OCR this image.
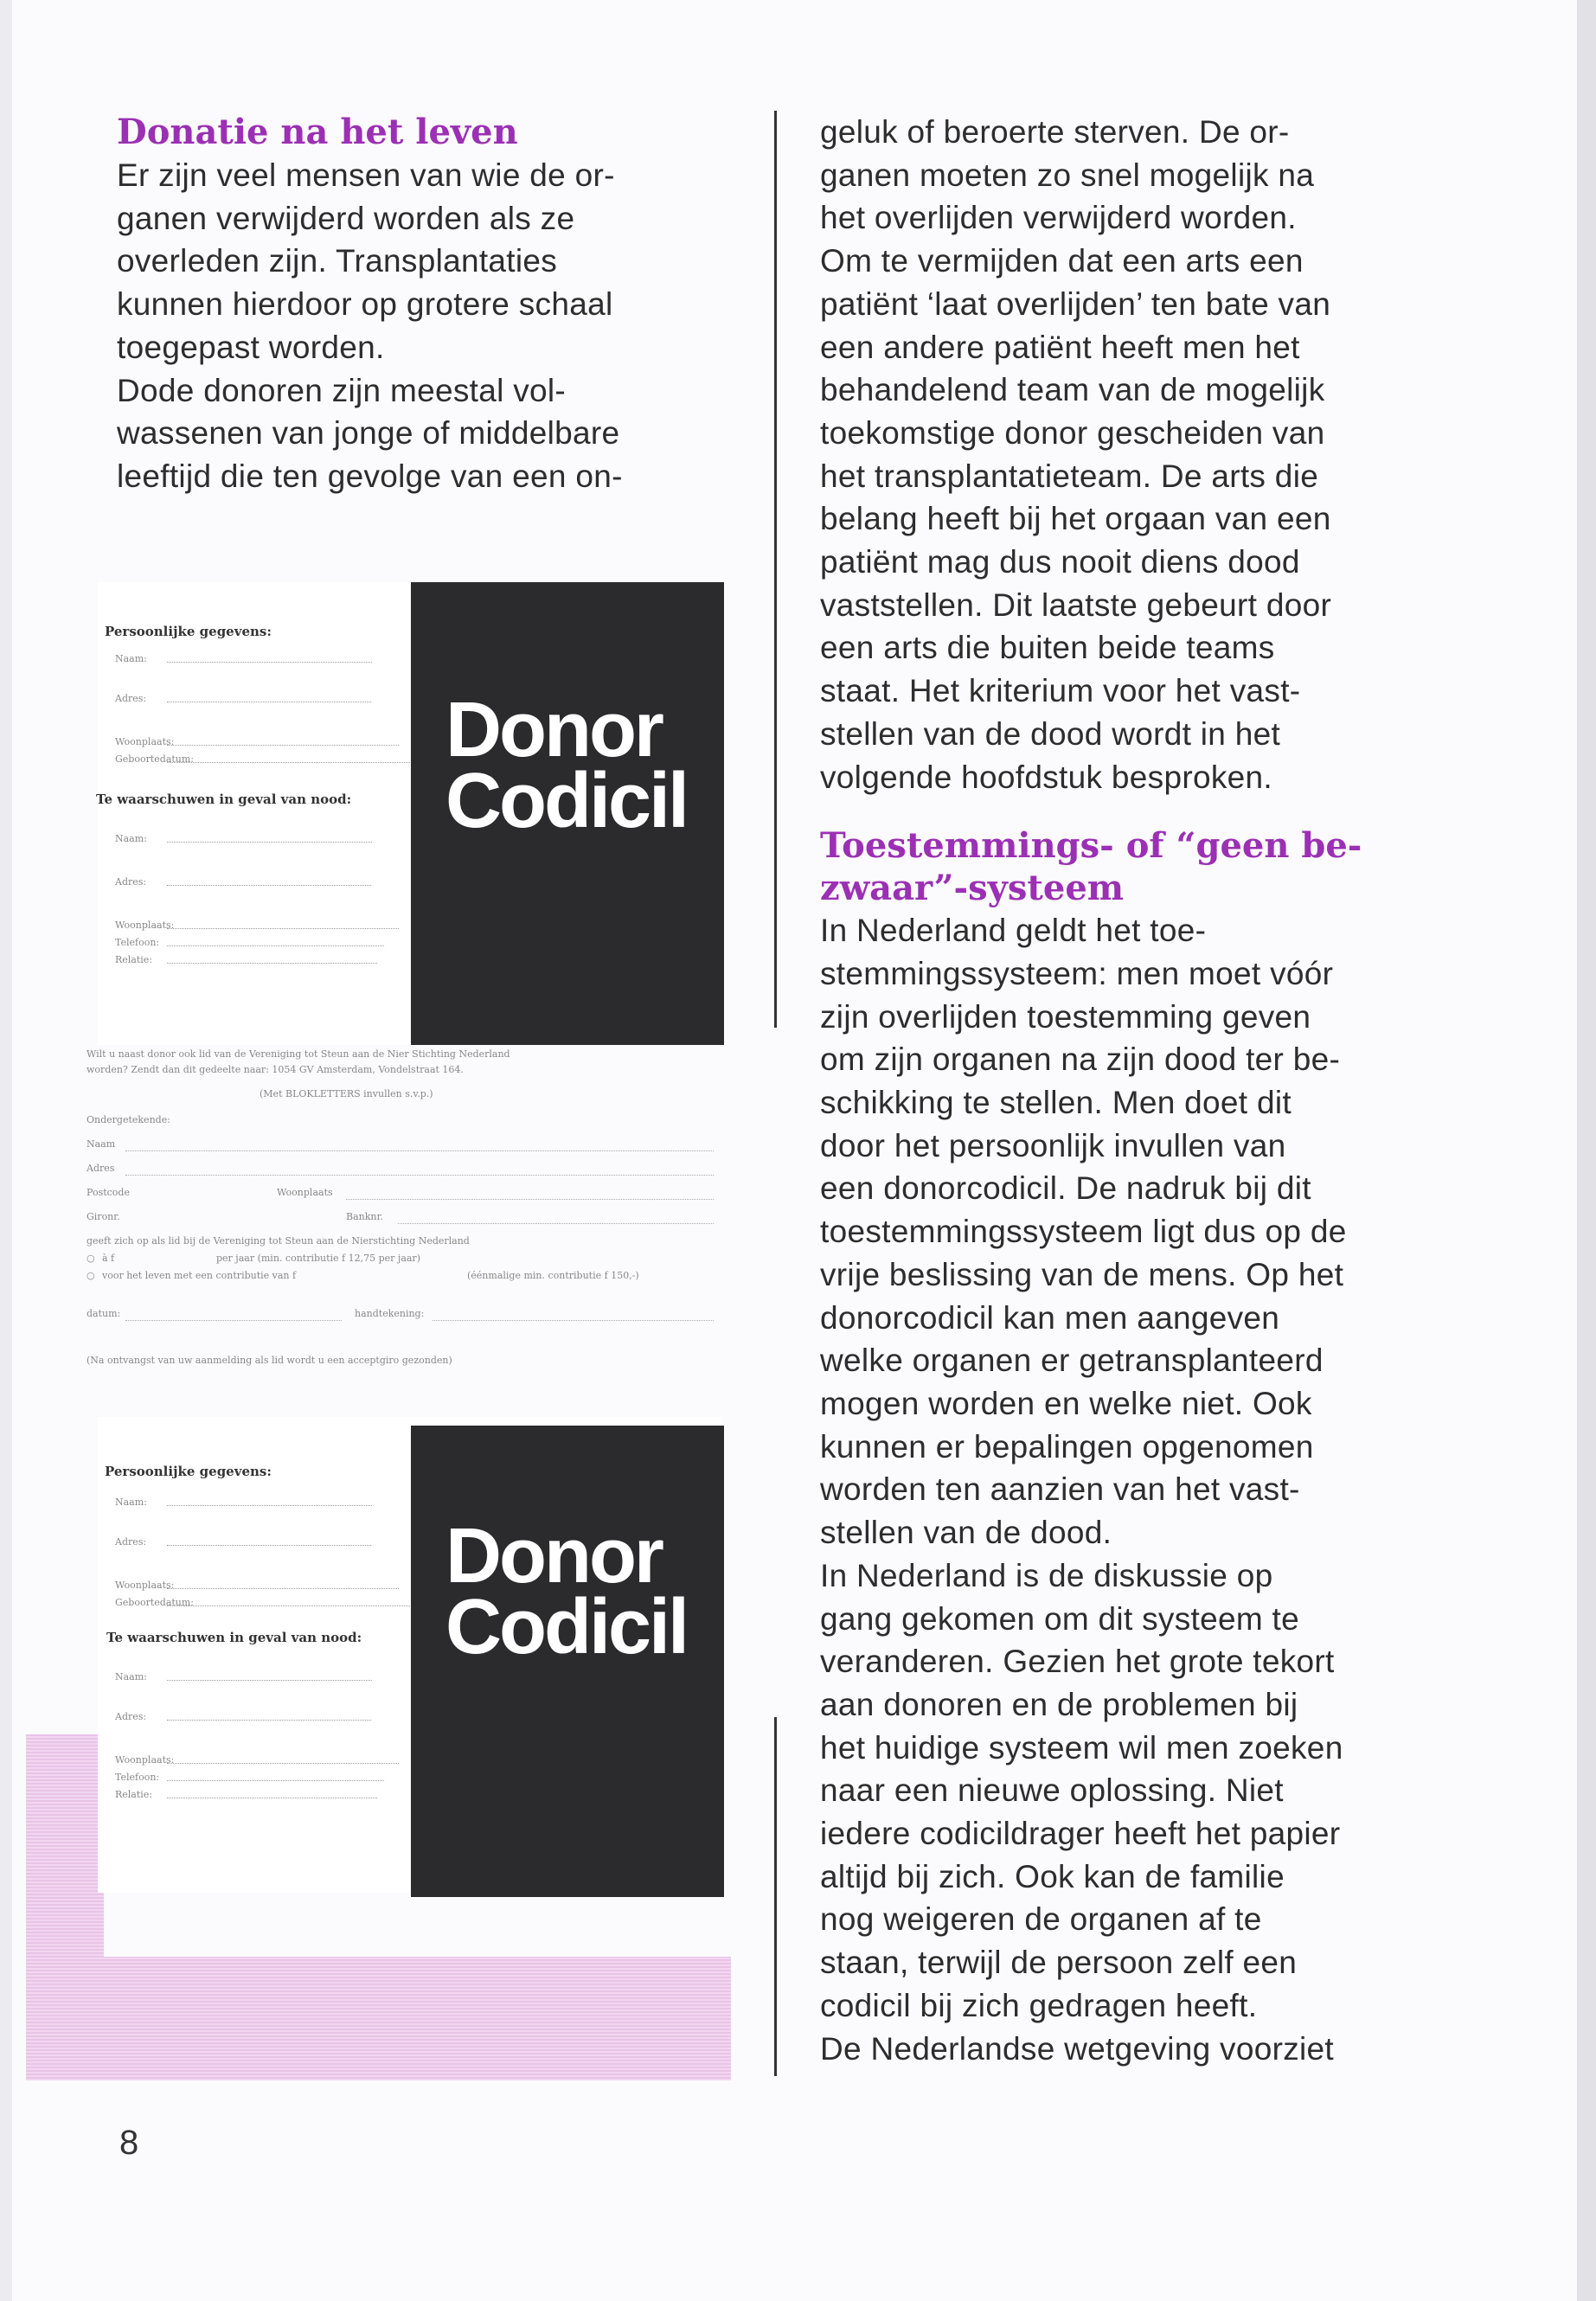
Donatie na het leven

Er zijn veel mensen van wie de or-

ganen verwijderd worden als ze

overleden zijn. Transplantaties

kunnen hierdoor op grotere schaal

toegepast worden.

Dode donoren zijn meestal vol-

wassenen van jonge of middelbare

leeftijd die ten gevolge van een on-

geluk of beroerte sterven. De or-

ganen moeten zo snel mogelijk na

het overlijden verwijderd worden.

Om te vermijden dat een arts een

patiënt ‘laat overlijden’ ten bate van

een andere patiënt heeft men het

behandelend team van de mogelijk

toekomstige donor gescheiden van

het transplantatieteam. De arts die

belang heeft bij het orgaan van een

patiënt mag dus nooit diens dood

vaststellen. Dit laatste gebeurt door

een arts die buiten beide teams

staat. Het kriterium voor het vast-

stellen van de dood wordt in het

volgende hoofdstuk besproken.

Toestemmings- of “geen be-
zwaar”-systeem

In Nederland geldt het toe-

stemmingssysteem: men moet vóór

zijn overlijden toestemming geven

om zijn organen na zijn dood ter be-

schikking te stellen. Men doet dit

door het persoonlijk invullen van

een donorcodicil. De nadruk bij dit

toestemmingssysteem ligt dus op de

vrije beslissing van de mens. Op het

donorcodicil kan men aangeven

welke organen er getransplanteerd

mogen worden en welke niet. Ook

kunnen er bepalingen opgenomen

worden ten aanzien van het vast-

stellen van de dood.

In Nederland is de diskussie op

gang gekomen om dit systeem te

veranderen. Gezien het grote tekort

aan donoren en de problemen bij

het huidige systeem wil men zoeken

naar een nieuwe oplossing. Niet

iedere codicildrager heeft het papier

altijd bij zich. Ook kan de familie

nog weigeren de organen af te

staan, terwijl de persoon zelf een

codicil bij zich gedragen heeft.

De Nederlandse wetgeving voorziet

Persoonlijke gegevens:

Naam:
Adres:
Woonplaats:
Geboortedatum:

Te waarschuwen in geval van nood:

Naam:
Adres:
Woonplaats:
Telefoon:
Relatie:

Donor
Codicil

Wilt u naast donor ook lid van de Vereniging tot Steun aan de Nier Stichting Nederland
worden? Zendt dan dit gedeelte naar: 1054 GV Amsterdam, Vondelstraat 164.
(Met BLOKLETTERS invullen s.v.p.)
Ondergetekende:
Naam
Adres
Postcode	Woonplaats
Gironr.	Banknr.
geeft zich op als lid bij de Vereniging tot Steun aan de Nierstichting Nederland
○ à f	per jaar (min. contributie f 12,75 per jaar)
○ voor het leven met een contributie van f	(éénmalige min. contributie f 150,-)
datum:	handtekening:
(Na ontvangst van uw aanmelding als lid wordt u een acceptgiro gezonden)

Persoonlijke gegevens:

Naam:
Adres:
Woonplaats:
Geboortedatum:

Te waarschuwen in geval van nood:

Naam:
Adres:
Woonplaats:
Telefoon:
Relatie:

Donor
Codicil

8
